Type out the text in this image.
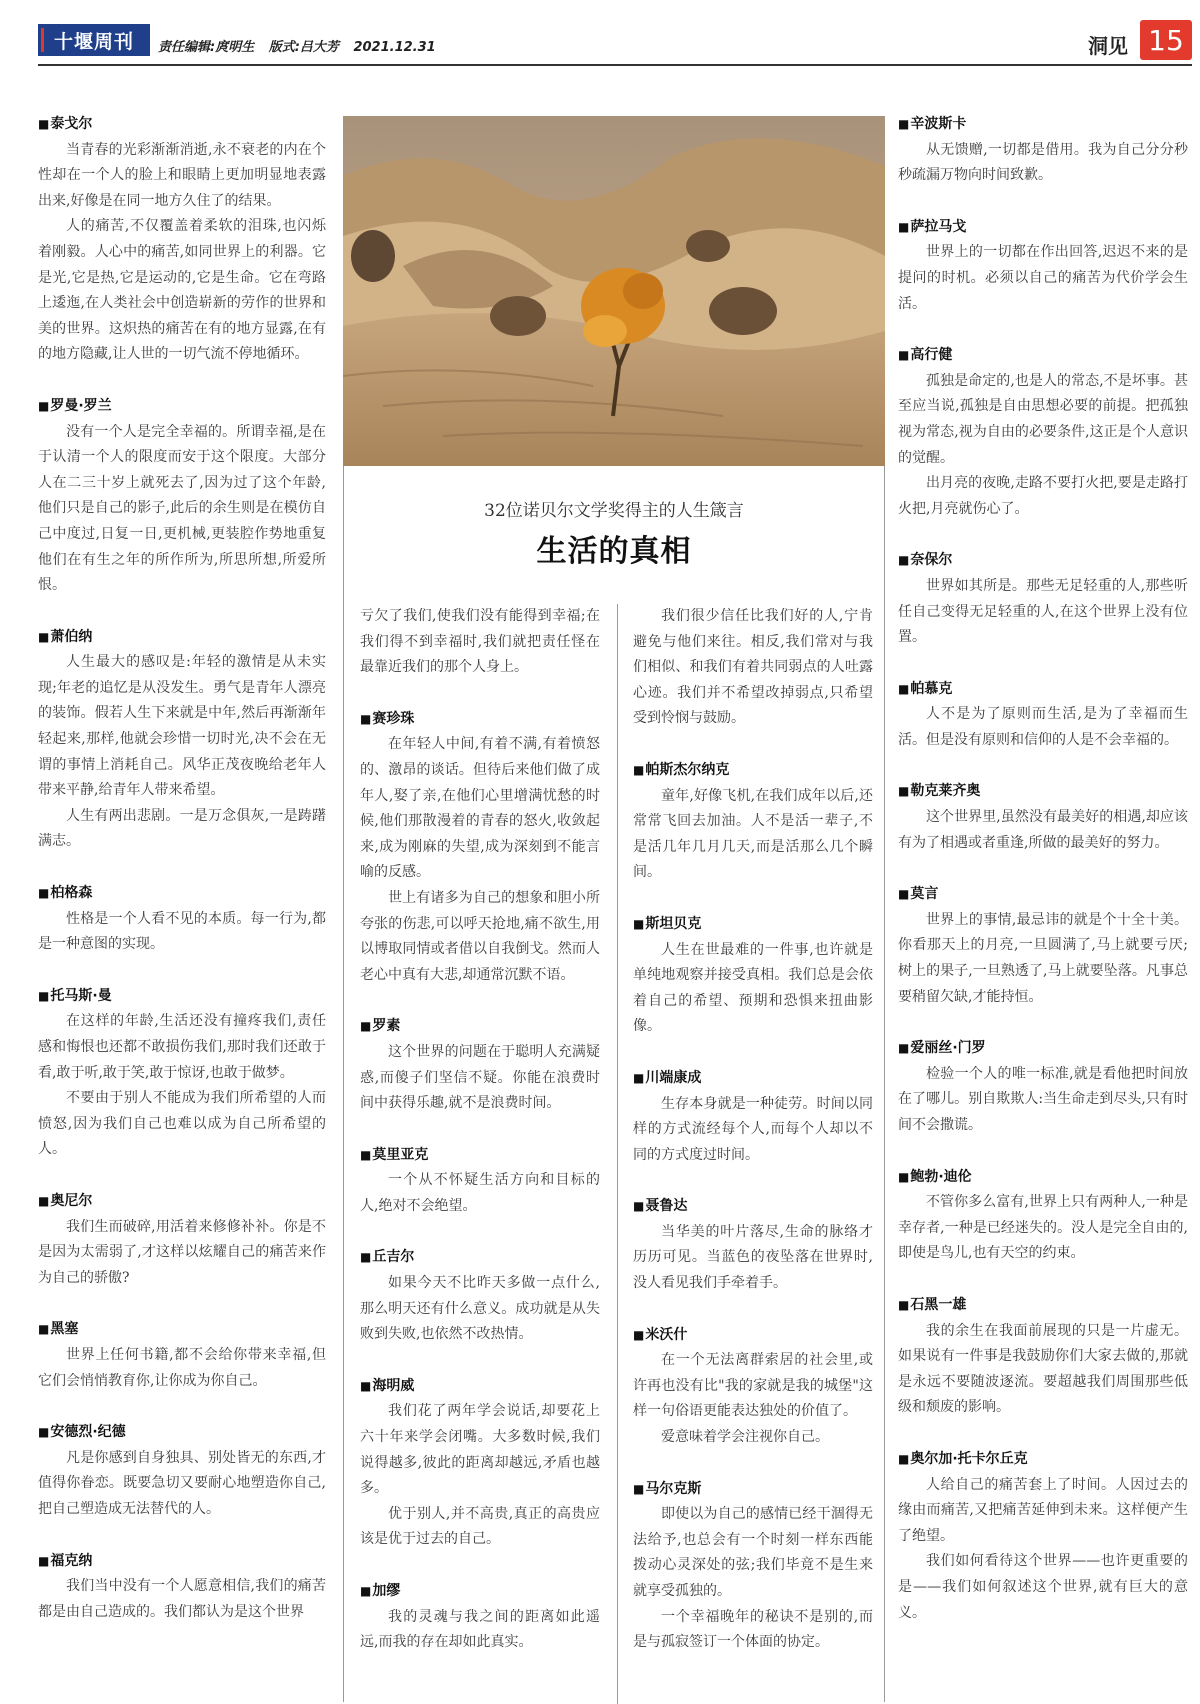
十堰周刊 责任编辑:庹明生 版式:吕大芳 2021.12.31	洞见 15
■ 泰戈尔

当青春的光彩渐渐消逝,永不衰老的内在个性却在一个人的脸上和眼睛上更加明显地表露出来,好像是在同一地方久住了的结果。

人的痛苦,不仅覆盖着柔软的泪珠,也闪烁着刚毅。人心中的痛苦,如同世界上的利器。它是光,它是热,它是运动的,它是生命。它在弯路上逶迤,在人类社会中创造崭新的劳作的世界和美的世界。这炽热的痛苦在有的地方显露,在有的地方隐藏,让人世的一切气流不停地循环。

■ 罗曼·罗兰

没有一个人是完全幸福的。所谓幸福,是在于认清一个人的限度而安于这个限度。大部分人在二三十岁上就死去了,因为过了这个年龄,他们只是自己的影子,此后的余生则是在模仿自己中度过,日复一日,更机械,更装腔作势地重复他们在有生之年的所作所为,所思所想,所爱所恨。

■ 萧伯纳

人生最大的感叹是:年轻的激情是从未实现;年老的追忆是从没发生。勇气是青年人漂亮的装饰。假若人生下来就是中年,然后再渐渐年轻起来,那样,他就会珍惜一切时光,决不会在无谓的事情上消耗自己。风华正茂夜晚给老年人带来平静,给青年人带来希望。

人生有两出悲剧。一是万念俱灰,一是踌躇满志。

■ 柏格森

性格是一个人看不见的本质。每一行为,都是一种意图的实现。

■ 托马斯·曼

在这样的年龄,生活还没有撞疼我们,责任感和悔恨也还都不敢损伤我们,那时我们还敢于看,敢于听,敢于笑,敢于惊讶,也敢于做梦。

不要由于别人不能成为我们所希望的人而愤怒,因为我们自己也难以成为自己所希望的人。

■ 奥尼尔

我们生而破碎,用活着来修修补补。你是不是因为太需弱了,才这样以炫耀自己的痛苦来作为自己的骄傲?

■ 黑塞

世界上任何书籍,都不会给你带来幸福,但它们会悄悄教育你,让你成为你自己。

■ 安德烈·纪德

凡是你感到自身独具、别处皆无的东西,才值得你眷恋。既要急切又要耐心地塑造你自己,把自己塑造成无法替代的人。

■ 福克纳

我们当中没有一个人愿意相信,我们的痛苦都是由自己造成的。我们都认为是这个世界

32位诺贝尔文学奖得主的人生箴言
生活的真相

亏欠了我们,使我们没有能得到幸福;在我们得不到幸福时,我们就把责任怪在最靠近我们的那个人身上。

■ 赛珍珠

在年轻人中间,有着不满,有着愤怒的、激昂的谈话。但待后来他们做了成年人,娶了亲,在他们心里增满忧愁的时候,他们那散漫着的青春的怒火,收敛起来,成为刚麻的失望,成为深刻到不能言喻的反感。

世上有诸多为自己的想象和胆小所夸张的伤悲,可以呼天抢地,痛不欲生,用以博取同情或者借以自我倒戈。然而人老心中真有大悲,却通常沉默不语。

■ 罗素

这个世界的问题在于聪明人充满疑惑,而傻子们坚信不疑。你能在浪费时间中获得乐趣,就不是浪费时间。

■ 莫里亚克

一个从不怀疑生活方向和目标的人,绝对不会绝望。

■ 丘吉尔

如果今天不比昨天多做一点什么,那么明天还有什么意义。成功就是从失败到失败,也依然不改热情。

■ 海明威

我们花了两年学会说话,却要花上六十年来学会闭嘴。大多数时候,我们说得越多,彼此的距离却越远,矛盾也越多。

优于别人,并不高贵,真正的高贵应该是优于过去的自己。

■ 加缪

我的灵魂与我之间的距离如此遥远,而我的存在却如此真实。

我们很少信任比我们好的人,宁肯避免与他们来往。相反,我们常对与我们相似、和我们有着共同弱点的人吐露心迹。我们并不希望改掉弱点,只希望受到怜悯与鼓励。

■ 帕斯杰尔纳克

童年,好像飞机,在我们成年以后,还常常飞回去加油。人不是活一辈子,不是活几年几月几天,而是活那么几个瞬间。

■ 斯坦贝克

人生在世最难的一件事,也许就是单纯地观察并接受真相。我们总是会依着自己的希望、预期和恐惧来扭曲影像。

■ 川端康成

生存本身就是一种徒劳。时间以同样的方式流经每个人,而每个人却以不同的方式度过时间。

■ 聂鲁达

当华美的叶片落尽,生命的脉络才历历可见。当蓝色的夜坠落在世界时,没人看见我们手牵着手。

■ 米沃什

在一个无法离群索居的社会里,或许再也没有比"我的家就是我的城堡"这样一句俗语更能表达独处的价值了。

爱意味着学会注视你自己。

■ 马尔克斯

即使以为自己的感情已经干涸得无法给予,也总会有一个时刻一样东西能拨动心灵深处的弦;我们毕竟不是生来就享受孤独的。

一个幸福晚年的秘诀不是别的,而是与孤寂签订一个体面的协定。

■ 辛波斯卡

从无馈赠,一切都是借用。我为自己分分秒秒疏漏万物向时间致歉。

■ 萨拉马戈

世界上的一切都在作出回答,迟迟不来的是提问的时机。必须以自己的痛苦为代价学会生活。

■ 高行健

孤独是命定的,也是人的常态,不是坏事。甚至应当说,孤独是自由思想必要的前提。把孤独视为常态,视为自由的必要条件,这正是个人意识的觉醒。

出月亮的夜晚,走路不要打火把,要是走路打火把,月亮就伤心了。

■ 奈保尔

世界如其所是。那些无足轻重的人,那些听任自己变得无足轻重的人,在这个世界上没有位置。

■ 帕慕克

人不是为了原则而生活,是为了幸福而生活。但是没有原则和信仰的人是不会幸福的。

■ 勒克莱齐奥

这个世界里,虽然没有最美好的相遇,却应该有为了相遇或者重逢,所做的最美好的努力。

■ 莫言

世界上的事情,最忌讳的就是个十全十美。你看那天上的月亮,一旦圆满了,马上就要亏厌;树上的果子,一旦熟透了,马上就要坠落。凡事总要稍留欠缺,才能持恒。

■ 爱丽丝·门罗

检验一个人的唯一标准,就是看他把时间放在了哪儿。别自欺欺人:当生命走到尽头,只有时间不会撒谎。

■ 鲍勃·迪伦

不管你多么富有,世界上只有两种人,一种是幸存者,一种是已经迷失的。没人是完全自由的,即使是鸟儿,也有天空的约束。

■ 石黑一雄

我的余生在我面前展现的只是一片虚无。如果说有一件事是我鼓励你们大家去做的,那就是永远不要随波逐流。要超越我们周围那些低级和颓废的影响。

■ 奥尔加·托卡尔丘克

人给自己的痛苦套上了时间。人因过去的缘由而痛苦,又把痛苦延伸到未来。这样便产生了绝望。

我们如何看待这个世界——也许更重要的是——我们如何叙述这个世界,就有巨大的意义。
